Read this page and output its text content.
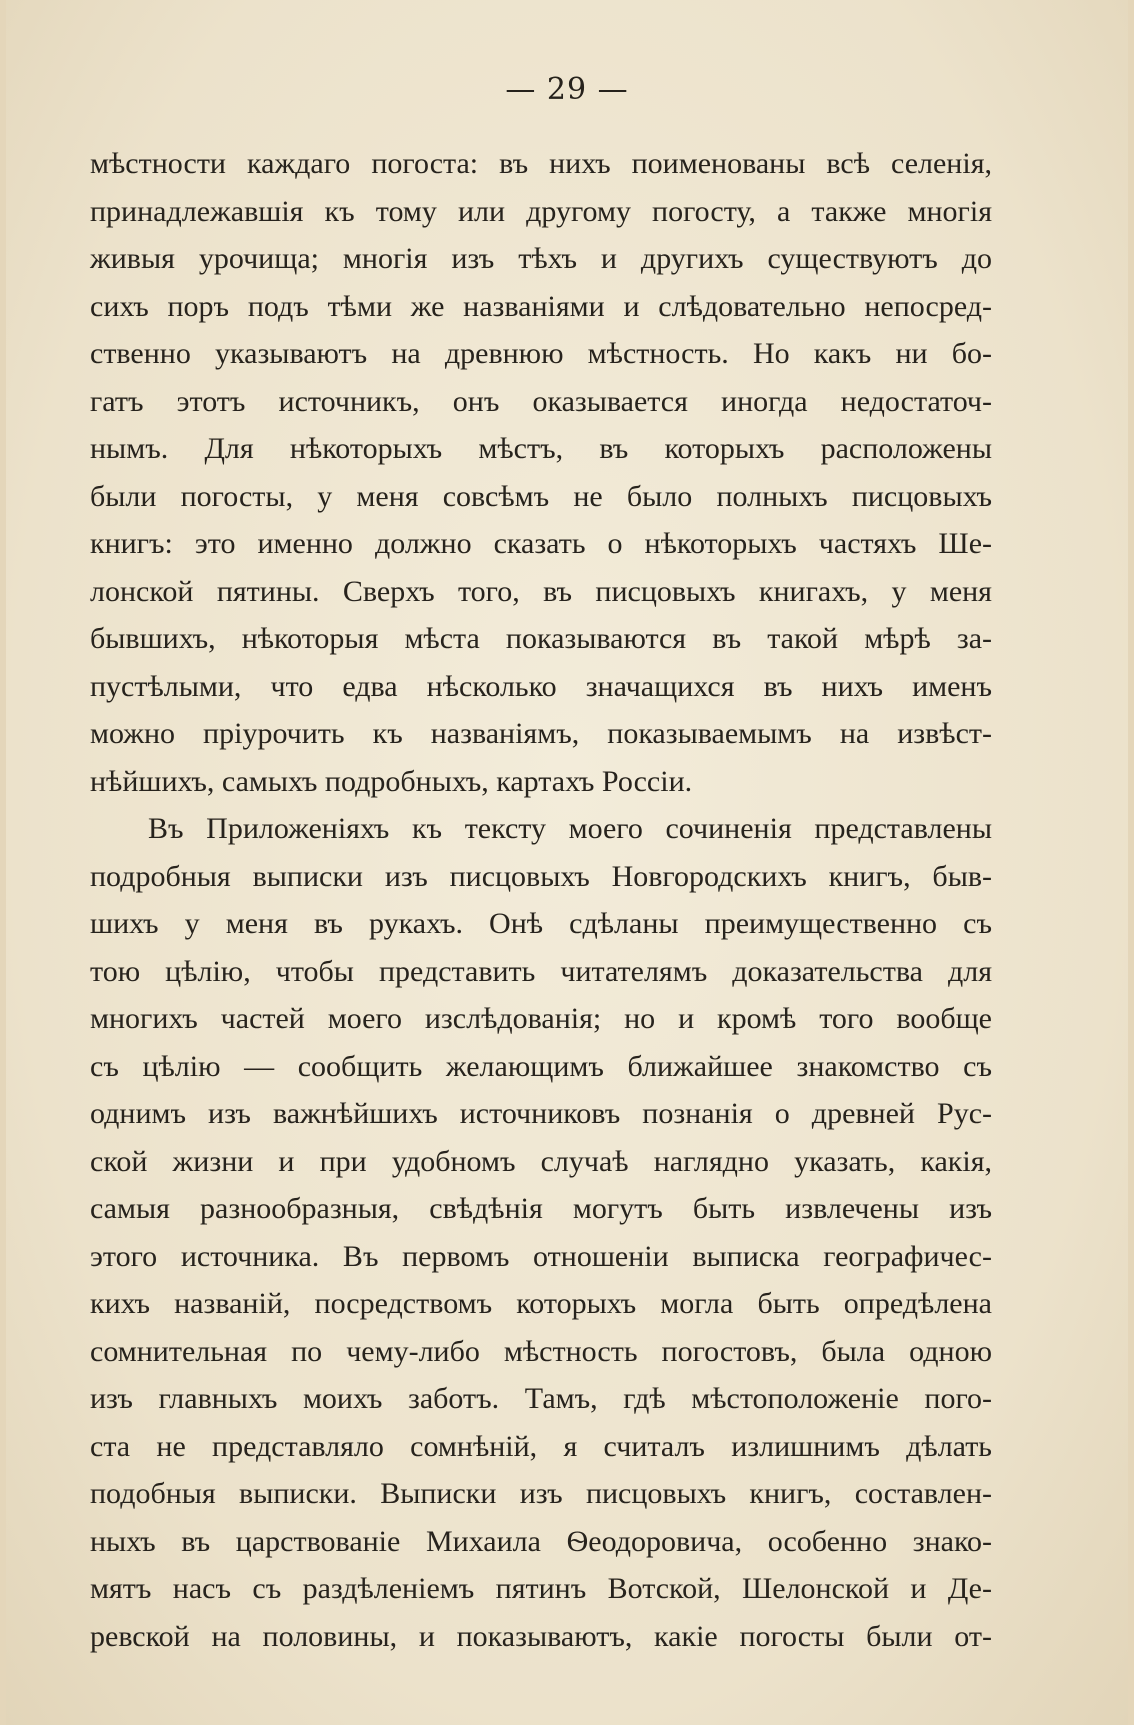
— 29 —
мѣстности каждаго погоста: въ нихъ поименованы всѣ селенія,
принадлежавшія къ тому или другому погосту, а также многія
живыя урочища; многія изъ тѣхъ и другихъ существуютъ до
сихъ поръ подъ тѣми же названіями и слѣдовательно непосред-
ственно указываютъ на древнюю мѣстность. Но какъ ни бо-
гатъ этотъ источникъ, онъ оказывается иногда недостаточ-
нымъ. Для нѣкоторыхъ мѣстъ, въ которыхъ расположены
были погосты, у меня совсѣмъ не было полныхъ писцовыхъ
книгъ: это именно должно сказать о нѣкоторыхъ частяхъ Ше-
лонской пятины. Сверхъ того, въ писцовыхъ книгахъ, у меня
бывшихъ, нѣкоторыя мѣста показываются въ такой мѣрѣ за-
пустѣлыми, что едва нѣсколько значащихся въ нихъ именъ
можно пріурочить къ названіямъ, показываемымъ на извѣст-
нѣйшихъ, самыхъ подробныхъ, картахъ Россіи.
Въ Приложеніяхъ къ тексту моего сочиненія представлены
подробныя выписки изъ писцовыхъ Новгородскихъ книгъ, быв-
шихъ у меня въ рукахъ. Онѣ сдѣланы преимущественно съ
тою цѣлію, чтобы представить читателямъ доказательства для
многихъ частей моего изслѣдованія; но и кромѣ того вообще
съ цѣлію — сообщить желающимъ ближайшее знакомство съ
однимъ изъ важнѣйшихъ источниковъ познанія о древней Рус-
ской жизни и при удобномъ случаѣ наглядно указать, какія,
самыя разнообразныя, свѣдѣнія могутъ быть извлечены изъ
этого источника. Въ первомъ отношеніи выписка географичес-
кихъ названій, посредствомъ которыхъ могла быть опредѣлена
сомнительная по чему-либо мѣстность погостовъ, была одною
изъ главныхъ моихъ заботъ. Тамъ, гдѣ мѣстоположеніе пого-
ста не представляло сомнѣній, я считалъ излишнимъ дѣлать
подобныя выписки. Выписки изъ писцовыхъ книгъ, составлен-
ныхъ въ царствованіе Михаила Ѳеодоровича, особенно знако-
мятъ насъ съ раздѣленіемъ пятинъ Вотской, Шелонской и Де-
ревской на половины, и показываютъ, какіе погосты были от-
